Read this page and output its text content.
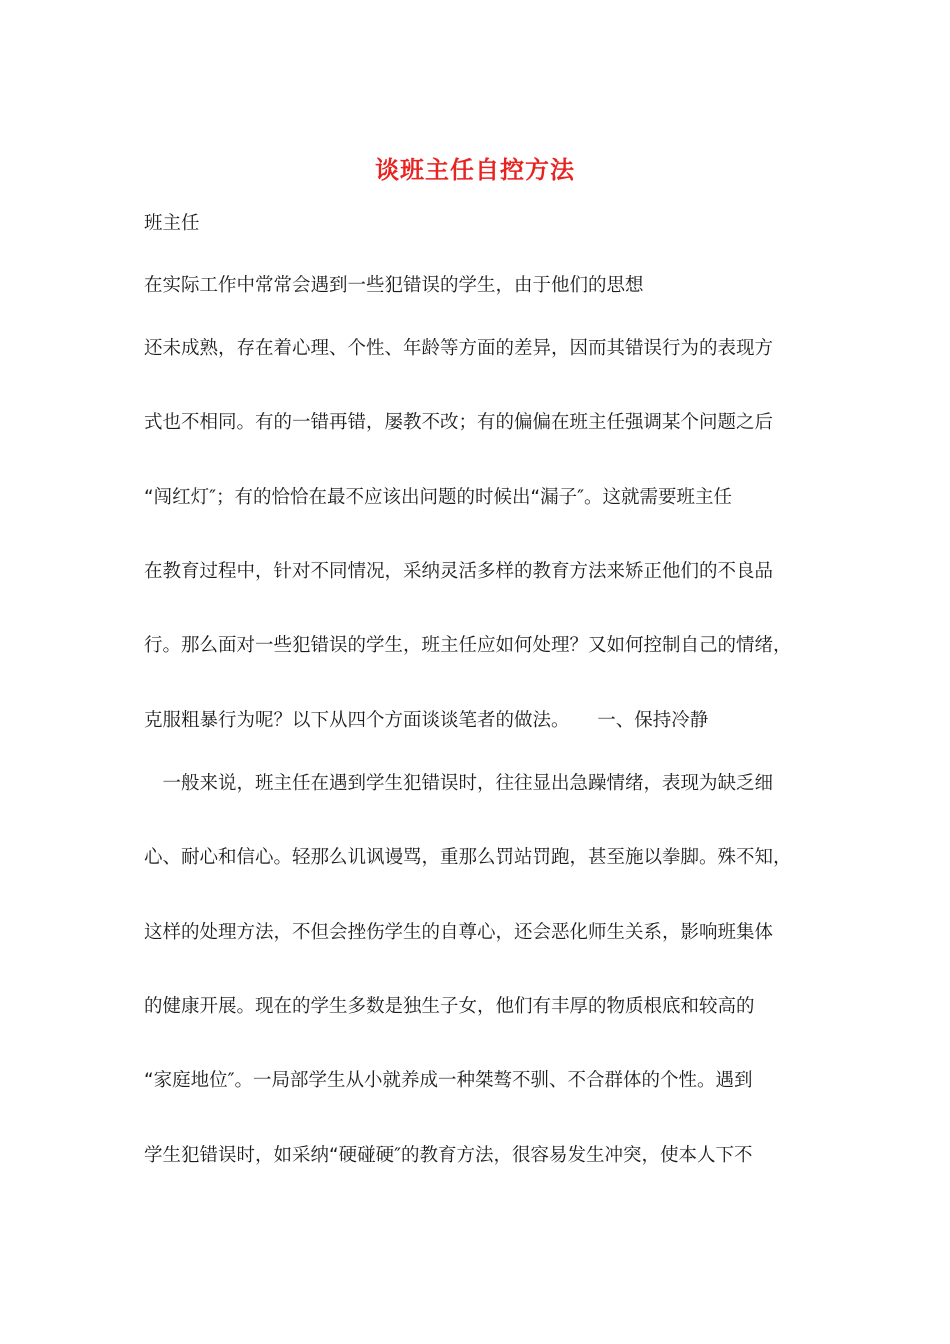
谈班主任自控方法
班主任
在实际工作中常常会遇到一些犯错误的学生，由于他们的思想
还未成熟，存在着心理、个性、年龄等方面的差异，因而其错误行为的表现方
式也不相同。有的一错再错，屡教不改；有的偏偏在班主任强调某个问题之后
“闯红灯″；有的恰恰在最不应该出问题的时候出“漏子″。这就需要班主任
在教育过程中，针对不同情况，采纳灵活多样的教育方法来矫正他们的不良品
行。那么面对一些犯错误的学生，班主任应如何处理？又如何控制自己的情绪，
克服粗暴行为呢？以下从四个方面谈谈笔者的做法。　　一、保持冷静
　一般来说，班主任在遇到学生犯错误时，往往显出急躁情绪，表现为缺乏细
心、耐心和信心。轻那么讥讽谩骂，重那么罚站罚跑，甚至施以拳脚。殊不知，
这样的处理方法，不但会挫伤学生的自尊心，还会恶化师生关系，影响班集体
的健康开展。现在的学生多数是独生子女，他们有丰厚的物质根底和较高的
“家庭地位″。一局部学生从小就养成一种桀骜不驯、不合群体的个性。遇到
学生犯错误时，如采纳“硬碰硬″的教育方法，很容易发生冲突，使本人下不
